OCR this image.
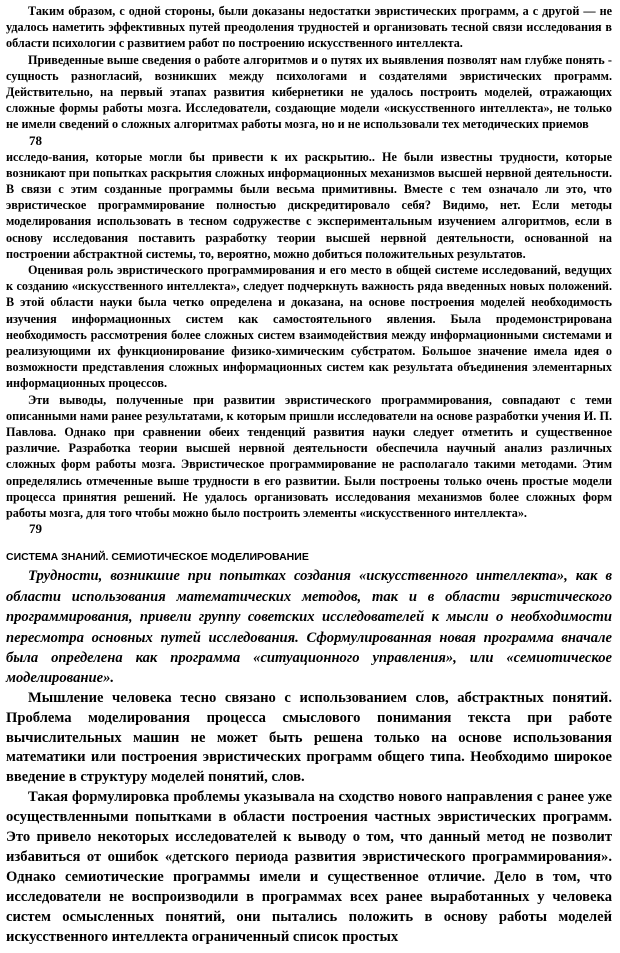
Таким образом, с одной стороны, были доказаны недостатки эвристических программ, а с другой — не удалось наметить эффективных путей преодоления трудностей и организовать тесной связи исследования в области психологии с развитием работ по построению искусственного интеллекта.

Приведенные выше сведения о работе алгоритмов и о путях их выявления позволят нам глубже понять - сущность разногласий, возникших между психологами и создателями эвристических программ. Действительно, на первый этапах развития кибернетики не удалось построить моделей, отражающих сложные формы работы мозга. Исследователи, создающие модели «искусственного интеллекта», не только не имели сведений о сложных алгоритмах работы мозга, но и не использовали тех методических приемов

78

исследо-вания, которые могли бы привести к их раскрытию.. Не были известны трудности, которые возникают при попытках раскрытия сложных информационных механизмов высшей нервной деятельности. В связи с этим созданные программы были весьма примитивны. Вместе с тем означало ли это, что эвристическое программирование полностью дискредитировало себя? Видимо, нет. Если методы моделирования использовать в тесном содружестве с экспериментальным изучением алгоритмов, если в основу исследования поставить разработку теории высшей нервной деятельности, основанной на построении абстрактной системы, то, вероятно, можно добиться положительных результатов.

Оценивая роль эвристического программирования и его место в общей системе исследований, ведущих к созданию «искусственного интеллекта», следует подчеркнуть важность ряда введенных новых положений. В этой области науки была четко определена и доказана, на основе построения моделей необходимость изучения информационных систем как самостоятельного явления. Была продемонстрирована необходимость рассмотрения более сложных систем взаимодействия между информационными системами и реализующими их функционирование физико-химическим субстратом. Большое значение имела идея о возможности представления сложных информационных систем как результата объединения элементарных информационных процессов.

Эти выводы, полученные при развитии эвристического программирования, совпадают с теми описанными нами ранее результатами, к которым пришли исследователи на основе разработки учения И. П. Павлова. Однако при сравнении обеих тенденций развития науки следует отметить и существенное различие. Разработка теории высшей нервной деятельности обеспечила научный анализ различных сложных форм работы мозга. Эвристическое программирование не располагало такими методами. Этим определялись отмеченные выше трудности в его развитии. Были построены только очень простые модели процесса принятия решений. Не удалось организовать исследования механизмов более сложных форм работы мозга, для того чтобы можно было построить элементы «искусственного интеллекта».

79

СИСТЕМА ЗНАНИЙ. СЕМИОТИЧЕСКОЕ МОДЕЛИРОВАНИЕ

Трудности, возникшие при попытках создания «искусственного интеллекта», как в области использования математических методов, так и в области эвристического программирования, привели группу советских исследователей к мысли о необходимости пересмотра основных путей исследования. Сформулированная новая программа вначале была определена как программа «ситуационного управления», или «семиотическое моделирование».

Мышление человека тесно связано с использованием слов, абстрактных понятий. Проблема моделирования процесса смыслового понимания текста при работе вычислительных машин не может быть решена только на основе использования математики или построения эвристических программ общего типа. Необходимо широкое введение в структуру моделей понятий, слов.

Такая формулировка проблемы указывала на сходство нового направления с ранее уже осуществленными попытками в области построения частных эвристических программ. Это привело некоторых исследователей к выводу о том, что данный метод не позволит избавиться от ошибок «детского периода развития эвристического программирования». Однако семиотические программы имели и существенное отличие. Дело в том, что исследователи не воспроизводили в программах всех ранее выработанных у человека систем осмысленных понятий, они пытались положить в основу работы моделей искусственного интеллекта ограниченный список простых
